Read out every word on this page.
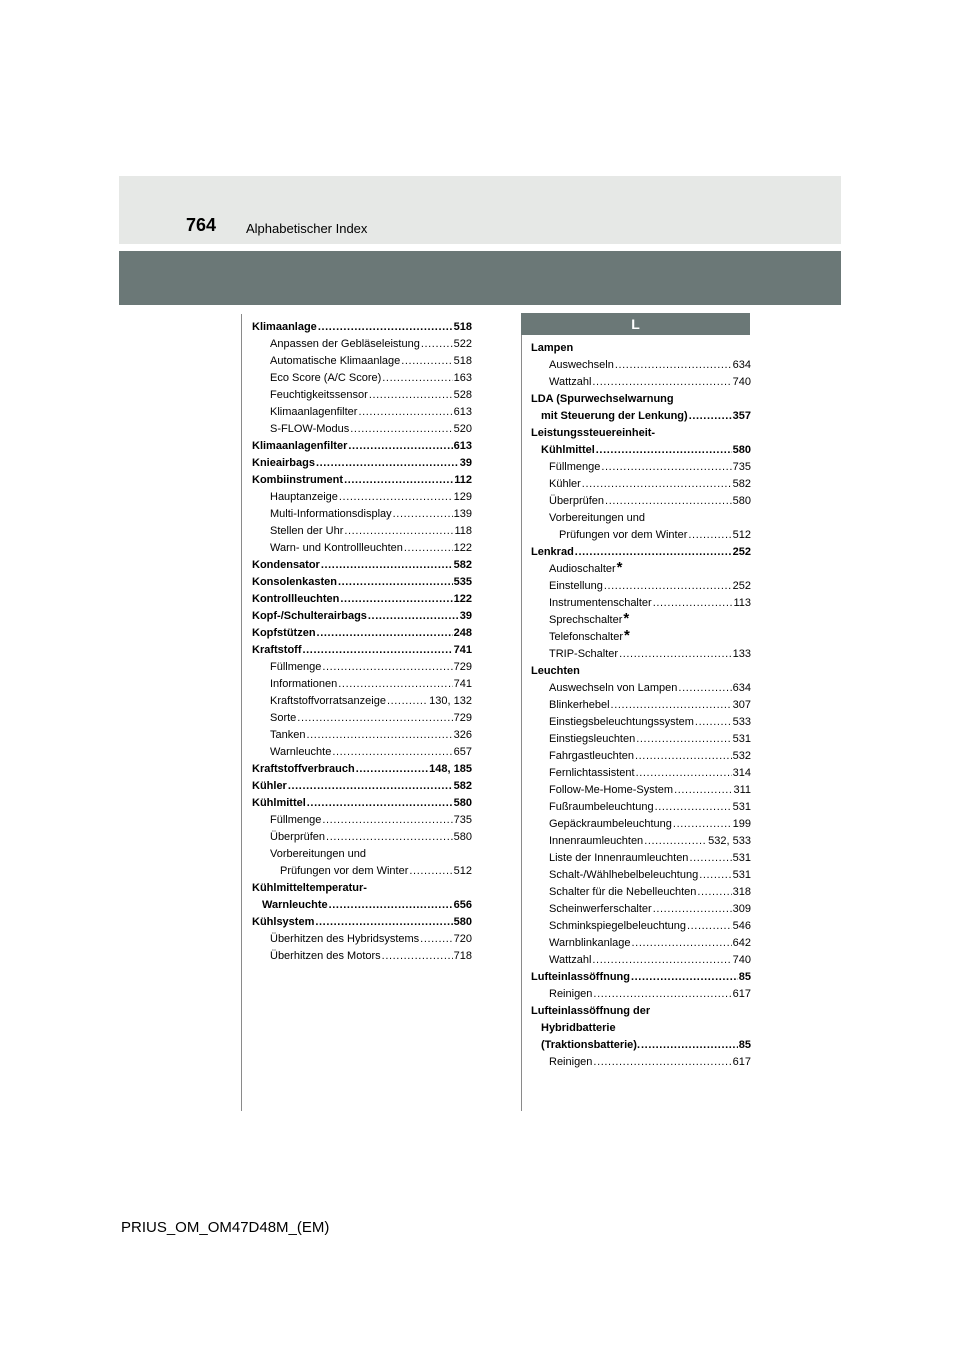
764 Alphabetischer Index
L
Klimaanlage .....	518
Anpassen der Gebläseleistung .....	522
Automatische Klimaanlage .....	518
Eco Score (A/C Score) .....	163
Feuchtigkeitssensor .....	528
Klimaanlagenfilter .....	613
S-FLOW-Modus .....	520
Klimaanlagenfilter .....	613
Knieairbags .....	39
Kombiinstrument .....	112
Hauptanzeige .....	129
Multi-Informationsdisplay .....	139
Stellen der Uhr .....	118
Warn- und Kontrollleuchten .....	122
Kondensator .....	582
Konsolenkasten .....	535
Kontrollleuchten .....	122
Kopf-/Schulterairbags .....	39
Kopfstützen .....	248
Kraftstoff .....	741
Füllmenge .....	729
Informationen .....	741
Kraftstoffvorratsanzeige .....	130, 132
Sorte .....	729
Tanken .....	326
Warnleuchte .....	657
Kraftstoffverbrauch .....	148, 185
Kühler .....	582
Kühlmittel .....	580
Füllmenge .....	735
Überprüfen .....	580
Vorbereitungen und
Prüfungen vor dem Winter .....	512
Kühlmitteltemperatur-
Warnleuchte .....	656
Kühlsystem .....	580
Überhitzen des Hybridsystems .....	720
Überhitzen des Motors .....	718
Lampen
Auswechseln .....	634
Wattzahl .....	740
LDA (Spurwechselwarnung
mit Steuerung der Lenkung) .....	357
Leistungssteuereinheit-
Kühlmittel .....	580
Füllmenge .....	735
Kühler .....	582
Überprüfen .....	580
Vorbereitungen und
Prüfungen vor dem Winter .....	512
Lenkrad .....	252
Audioschalter *
Einstellung .....	252
Instrumentenschalter .....	113
Sprechschalter *
Telefonschalter *
TRIP-Schalter .....	133
Leuchten
Auswechseln von Lampen .....	634
Blinkerhebel .....	307
Einstiegsbeleuchtungssystem .....	533
Einstiegsleuchten .....	531
Fahrgastleuchten .....	532
Fernlichtassistent .....	314
Follow-Me-Home-System .....	311
Fußraumbeleuchtung .....	531
Gepäckraumbeleuchtung .....	199
Innenraumleuchten .....	532, 533
Liste der Innenraumleuchten .....	531
Schalt-/Wählhebelbeleuchtung .....	531
Schalter für die Nebelleuchten .....	318
Scheinwerferschalter .....	309
Schminkspiegelbeleuchtung .....	546
Warnblinkanlage .....	642
Wattzahl .....	740
Lufteinlassöffnung .....	85
Reinigen .....	617
Lufteinlassöffnung der
Hybridbatterie
(Traktionsbatterie). .....	85
Reinigen .....	617
PRIUS_OM_OM47D48M_(EM)
